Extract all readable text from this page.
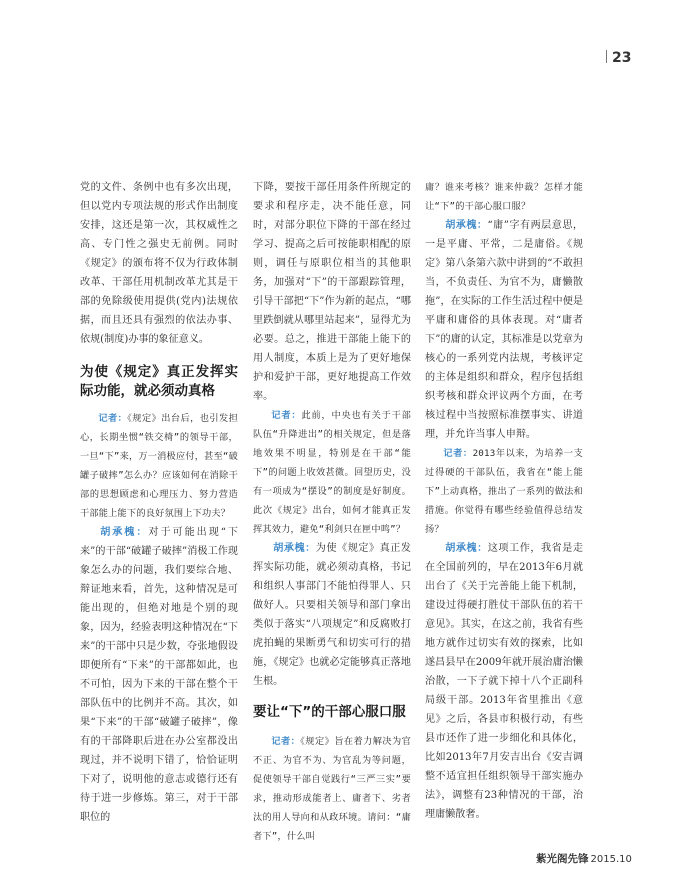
23

党的文件、条例中也有多次出现，但以党内专项法规的形式作出制度安排，这还是第一次，其权威性之高、专门性之强史无前例。同时《规定》的颁布将不仅为行政体制改革、干部任用机制改革尤其是干部的免除级使用提供(党内)法规依据，而且还具有强烈的依法办事、依规(制度)办事的象征意义。

为使《规定》真正发挥实际功能，就必须动真格

记者：《规定》出台后，也引发担心，长期坐惯“铁交椅”的领导干部，一旦“下”来，万一消极应付，甚至“破罐子破摔”怎么办？应该如何在消除干部的思想顾虑和心理压力、努力营造干部能上能下的良好氛围上下功夫？

胡承槐：对于可能出现“下来”的干部“破罐子破摔”消极工作现象怎么办的问题，我们要综合地、辩证地来看，首先，这种情况是可能出现的，但绝对地是个别的现象，因为，经验表明这种情况在“下来”的干部中只是少数，夺张地假设即便所有“下来”的干部都如此，也不可怕，因为下来的干部在整个干部队伍中的比例并不高。其次，如果“下来”的干部“破罐子破摔”，像有的干部降职后进在办公室都没出现过，并不说明下错了，恰恰证明下对了，说明他的意志或德行还有待于进一步修炼。第三，对于干部职位的

下降，要按干部任用条件所规定的要求和程序走，决不能任意，同时，对部分职位下降的干部在经过学习、提高之后可按能职相配的原则，调任与原职位相当的其他职务，加强对“下”的干部跟踪管理，引导干部把“下”作为新的起点，“哪里跌倒就从哪里站起来”，显得尤为必要。总之，推进干部能上能下的用人制度，本质上是为了更好地保护和爱护干部，更好地提高工作效率。

记者：此前，中央也有关于干部队伍“升降进出”的相关规定，但是落地效果不明显，特别是在干部“能下”的问题上收效甚微。回望历史，没有一项成为“摆设”的制度是好制度。此次《规定》出台，如何才能真正发挥其效力，避免“利剑只在匣中鸣”？

胡承槐：为使《规定》真正发挥实际功能，就必须动真格，书记和组织人事部门不能怕得罪人、只做好人。只要相关领导和部门拿出类似于落实“八项规定”和反腐败打虎拍蝇的果断勇气和切实可行的措施，《规定》也就必定能够真正落地生根。

要让“下”的干部心服口服

记者：《规定》旨在着力解决为官不正、为官不为、为官乱为等问题，促使领导干部自觉践行“三严三实”要求，推动形成能者上、庸者下、劣者汰的用人导向和从政环境。请问：“庸者下”，什么叫

庸？谁来考核？谁来仲裁？怎样才能让“下”的干部心服口服？

胡承槐：“庸”字有两层意思，一是平庸、平常，二是庸俗。《规定》第八条第六款中讲到的“不敢担当，不负责任、为官不为，庸懒散拖”，在实际的工作生活过程中便是平庸和庸俗的具体表现。对“庸者下”的庸的认定，其标准是以党章为核心的一系列党内法规，考核评定的主体是组织和群众，程序包括组织考核和群众评议两个方面，在考核过程中当按照标准摆事实、讲道理，并允许当事人申辩。

记者：2013年以来，为培养一支过得硬的干部队伍，我省在“能上能下”上动真格，推出了一系列的做法和措施。你觉得有哪些经验值得总结发扬？

胡承槐：这项工作，我省是走在全国前列的，早在2013年6月就出台了《关于完善能上能下机制，建设过得硬打胜仗干部队伍的若干意见》。其实，在这之前，我省有些地方就作过切实有效的探索，比如遂昌县早在2009年就开展治庸治懒治散，一下子就下掉十八个正副科局级干部。2013年省里推出《意见》之后，各县市积极行动，有些县市还作了进一步细化和具体化，比如2013年7月安吉出台《安吉调整不适宜担任组织领导干部实施办法》，调整有23种情况的干部，治理庸懒散奢。

紫光阁先锋 2015.10
